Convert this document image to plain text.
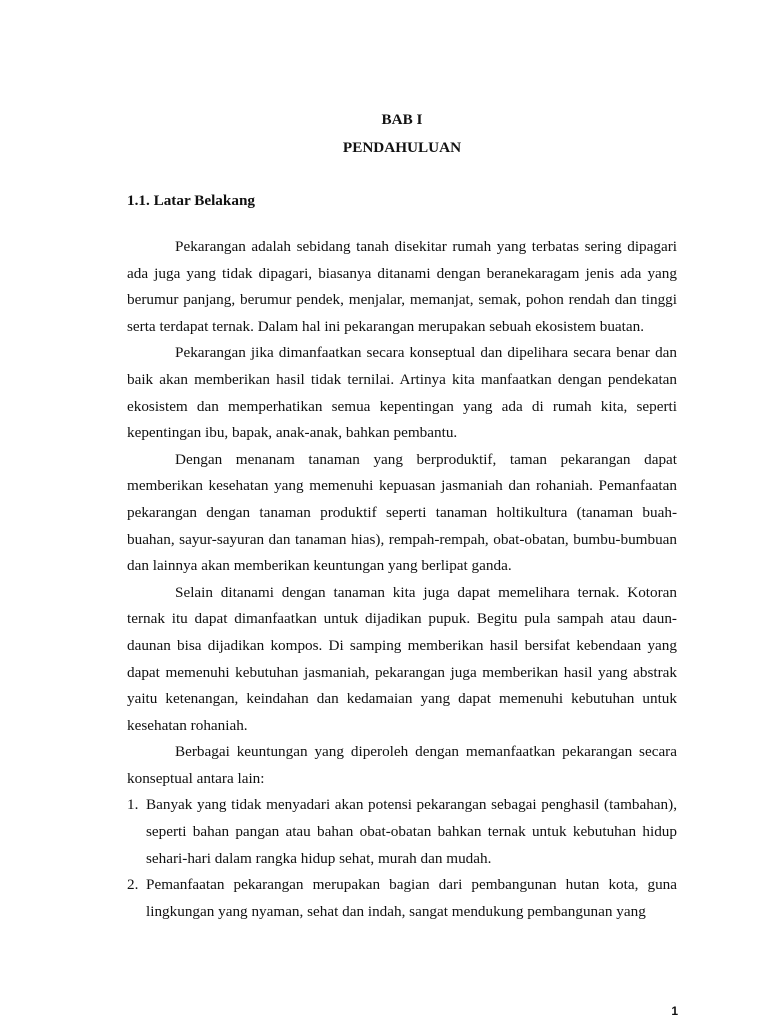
BAB I

PENDAHULUAN

1.1. Latar Belakang

Pekarangan adalah sebidang tanah disekitar rumah yang terbatas sering dipagari ada juga yang tidak dipagari, biasanya ditanami dengan beranekaragam jenis ada yang berumur panjang, berumur pendek, menjalar, memanjat, semak, pohon rendah dan tinggi serta terdapat ternak. Dalam hal ini pekarangan merupakan sebuah ekosistem buatan.

Pekarangan jika dimanfaatkan secara konseptual dan dipelihara secara benar dan baik akan memberikan hasil tidak ternilai. Artinya kita manfaatkan dengan pendekatan ekosistem dan memperhatikan semua kepentingan yang ada di rumah kita, seperti kepentingan ibu, bapak, anak-anak, bahkan pembantu.

Dengan menanam tanaman yang berproduktif, taman pekarangan dapat memberikan kesehatan yang memenuhi kepuasan jasmaniah dan rohaniah. Pemanfaatan pekarangan dengan tanaman produktif seperti tanaman holtikultura (tanaman buah-buahan, sayur-sayuran dan tanaman hias), rempah-rempah, obat-obatan, bumbu-bumbuan dan lainnya akan memberikan keuntungan yang berlipat ganda.

Selain ditanami dengan tanaman kita juga dapat memelihara ternak. Kotoran ternak itu dapat dimanfaatkan untuk dijadikan pupuk. Begitu pula sampah atau daun-daunan bisa dijadikan kompos. Di samping memberikan hasil bersifat kebendaan yang dapat memenuhi kebutuhan jasmaniah, pekarangan juga memberikan hasil yang abstrak yaitu ketenangan, keindahan dan kedamaian yang dapat memenuhi kebutuhan untuk kesehatan rohaniah.

Berbagai keuntungan yang diperoleh dengan memanfaatkan pekarangan secara konseptual antara lain:

1. Banyak yang tidak menyadari akan potensi pekarangan sebagai penghasil (tambahan), seperti bahan pangan atau bahan obat-obatan bahkan ternak untuk kebutuhan hidup sehari-hari dalam rangka hidup sehat, murah dan mudah.
2. Pemanfaatan pekarangan merupakan bagian dari pembangunan hutan kota, guna lingkungan yang nyaman, sehat dan indah, sangat mendukung pembangunan yang
1
